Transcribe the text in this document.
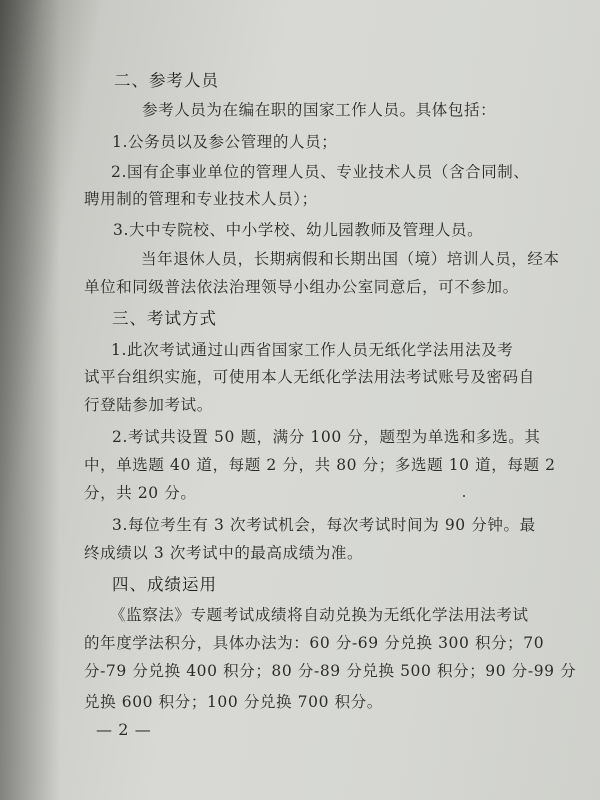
二、参考人员
参考人员为在编在职的国家工作人员。具体包括：
1.公务员以及参公管理的人员；
2.国有企事业单位的管理人员、专业技术人员（含合同制、
聘用制的管理和专业技术人员）；
3.大中专院校、中小学校、幼儿园教师及管理人员。
当年退休人员，长期病假和长期出国（境）培训人员，经本
单位和同级普法依法治理领导小组办公室同意后，可不参加。
三、考试方式
1.此次考试通过山西省国家工作人员无纸化学法用法及考
试平台组织实施，可使用本人无纸化学法用法考试账号及密码自
行登陆参加考试。
2.考试共设置 50 题，满分 100 分，题型为单选和多选。其
中，单选题 40 道，每题 2 分，共 80 分；多选题 10 道，每题 2
分，共 20 分。
3.每位考生有 3 次考试机会，每次考试时间为 90 分钟。最
终成绩以 3 次考试中的最高成绩为准。
四、成绩运用
《监察法》专题考试成绩将自动兑换为无纸化学法用法考试
的年度学法积分，具体办法为：60 分-69 分兑换 300 积分；70
分-79 分兑换 400 积分；80 分-89 分兑换 500 积分；90 分-99 分
兑换 600 积分；100 分兑换 700 积分。
— 2 —
